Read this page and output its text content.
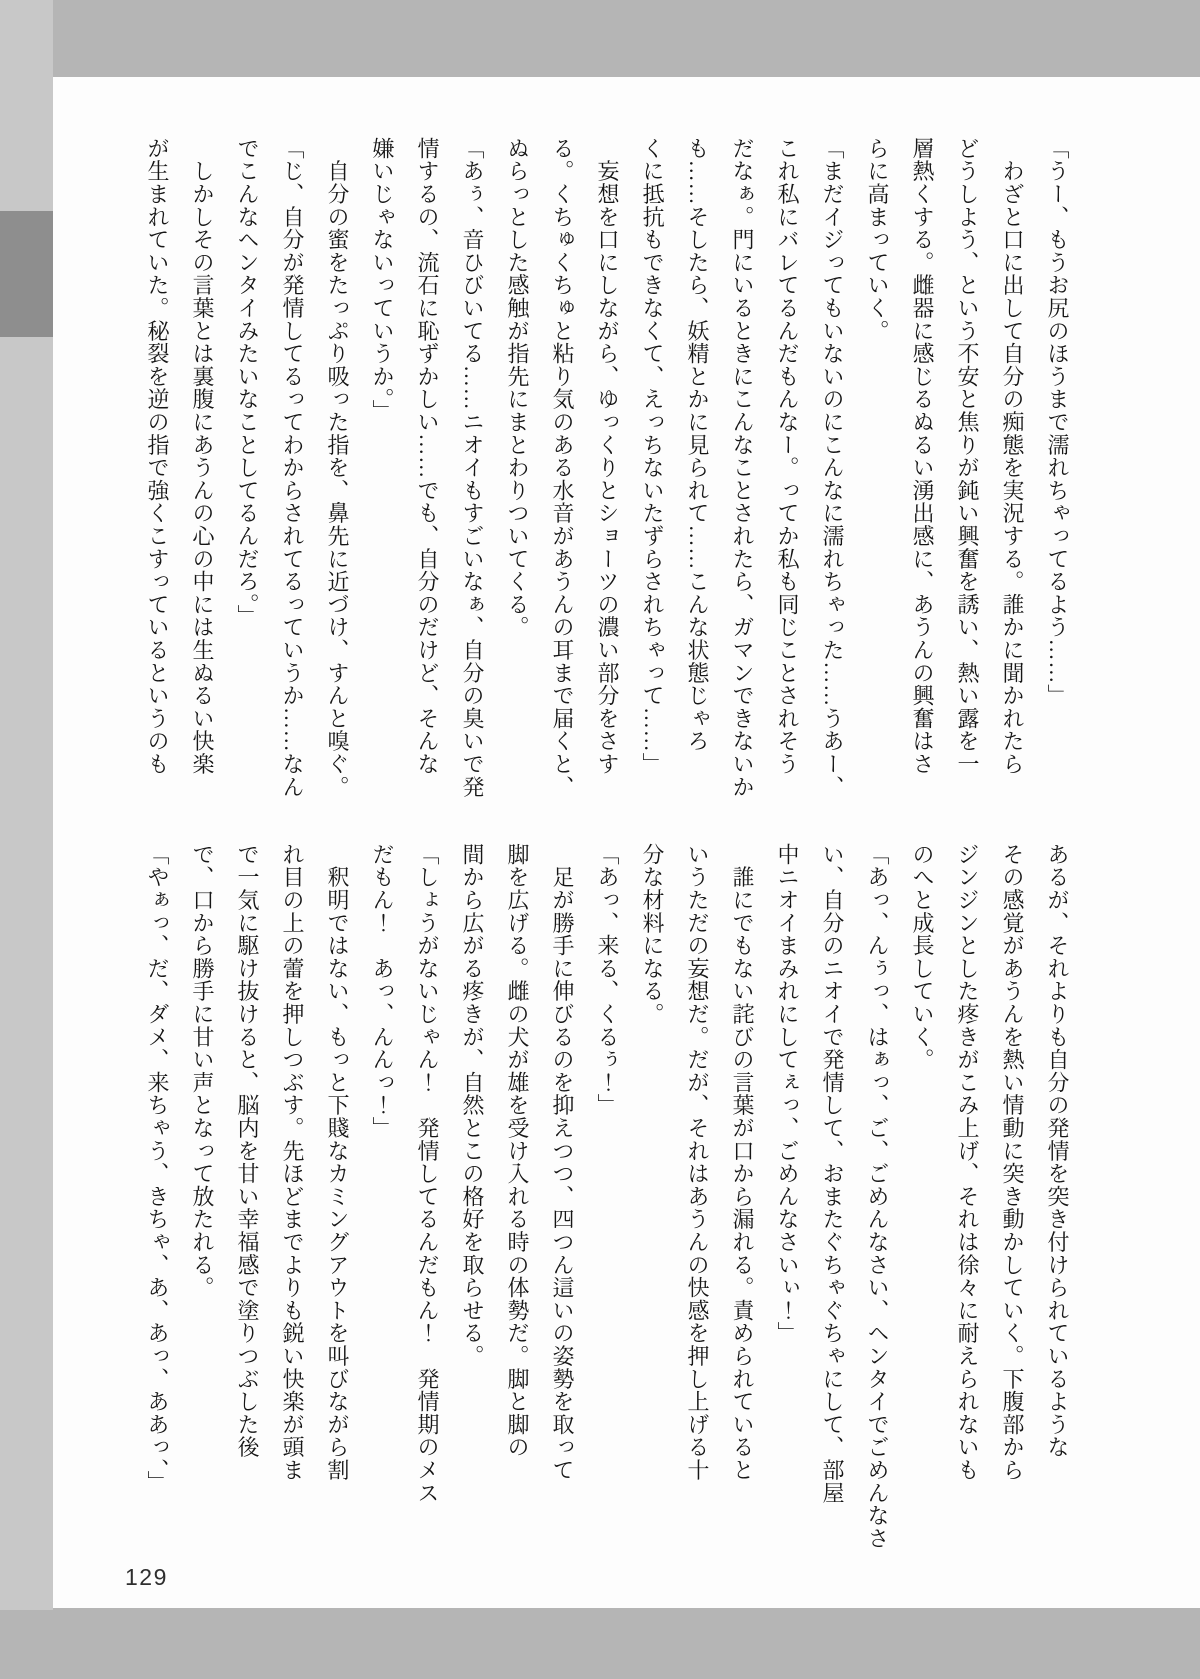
「うー、もうお尻のほうまで濡れちゃってるよう……」

　わざと口に出して自分の痴態を実況する。誰かに聞かれたら

どうしよう、という不安と焦りが鈍い興奮を誘い、熱い露を一

層熱くする。雌器に感じるぬるい湧出感に、あうんの興奮はさ

らに高まっていく。

「まだイジってもいないのにこんなに濡れちゃった……うあー、

これ私にバレてるんだもんなー。ってか私も同じことされそう

だなぁ。門にいるときにこんなことされたら、ガマンできないか

も……そしたら、妖精とかに見られて……こんな状態じゃろ

くに抵抗もできなくて、えっちないたずらされちゃって……」

　妄想を口にしながら、ゆっくりとショーツの濃い部分をさす

る。くちゅくちゅと粘り気のある水音があうんの耳まで届くと、

ぬらっとした感触が指先にまとわりついてくる。

「あぅ、音ひびいてる……ニオイもすごいなぁ、自分の臭いで発

情するの、流石に恥ずかしい……でも、自分のだけど、そんな

嫌いじゃないっていうか。」

　自分の蜜をたっぷり吸った指を、鼻先に近づけ、すんと嗅ぐ。

「じ、自分が発情してるってわからされてるっていうか……なん

でこんなヘンタイみたいなことしてるんだろ。」

　しかしその言葉とは裏腹にあうんの心の中には生ぬるい快楽

が生まれていた。秘裂を逆の指で強くこすっているというのも

あるが、それよりも自分の発情を突き付けられているような

その感覚があうんを熱い情動に突き動かしていく。下腹部から

ジンジンとした疼きがこみ上げ、それは徐々に耐えられないも

のへと成長していく。

「あっ、んぅっ、はぁっ、ご、ごめんなさい、ヘンタイでごめんなさ

い、自分のニオイで発情して、おまたぐちゃぐちゃにして、部屋

中ニオイまみれにしてぇっ、ごめんなさいぃ！」

　誰にでもない詫びの言葉が口から漏れる。責められていると

いうただの妄想だ。だが、それはあうんの快感を押し上げる十

分な材料になる。

「あっ、来る、くるぅ！」

　足が勝手に伸びるのを抑えつつ、四つん這いの姿勢を取って

脚を広げる。雌の犬が雄を受け入れる時の体勢だ。脚と脚の

間から広がる疼きが、自然とこの格好を取らせる。

「しょうがないじゃん！　発情してるんだもん！　発情期のメス

だもん！　あっ、んんっ！」

　釈明ではない、もっと下賤なカミングアウトを叫びながら割

れ目の上の蕾を押しつぶす。先ほどまでよりも鋭い快楽が頭ま

で一気に駆け抜けると、脳内を甘い幸福感で塗りつぶした後

で、口から勝手に甘い声となって放たれる。

「やぁっ、だ、ダメ、来ちゃう、きちゃ、あ、あっ、ああっ、」

129
